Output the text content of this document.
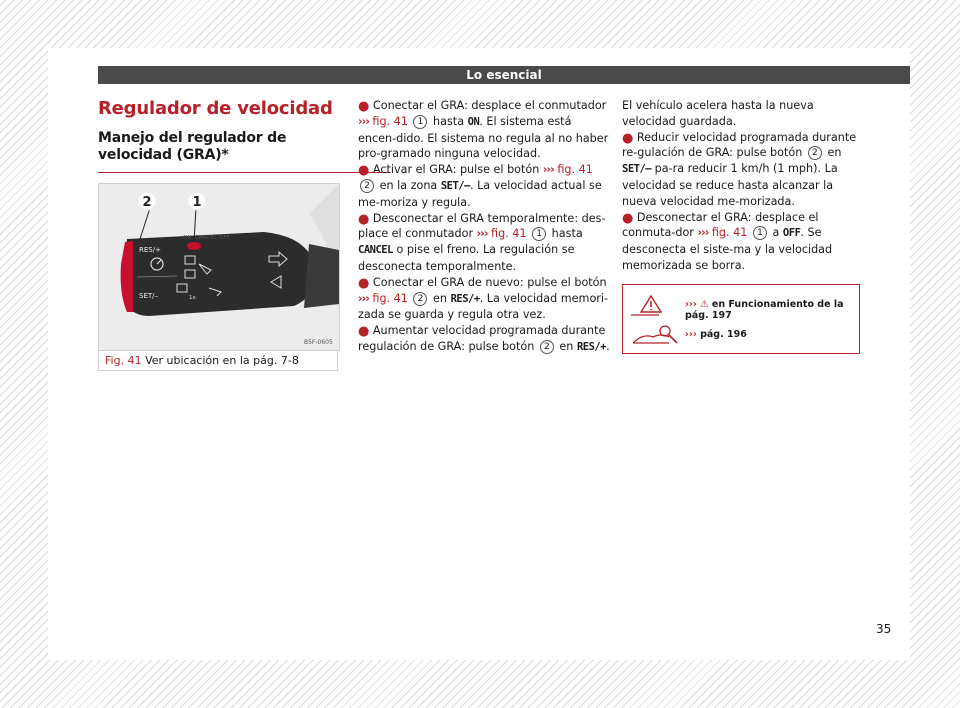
Lo esencial
Regulador de velocidad
Manejo del regulador de velocidad (GRA)*
2	1
RES/+
SET/–
ON CANCEL OFF
1x
B5F-0605
Fig. 41 Ver ubicación en la pág. 7-8

● Conectar el GRA: desplace el conmutador ››› fig. 41 1 hasta ON. El sistema está encen-dido. El sistema no regula al no haber pro-gramado ninguna velocidad.

● Activar el GRA: pulse el botón ››› fig. 41 2 en la zona SET/–. La velocidad actual se me-moriza y regula.

● Desconectar el GRA temporalmente: des-place el conmutador ››› fig. 41 1 hasta CANCEL o pise el freno. La regulación se desconecta temporalmente.

● Conectar el GRA de nuevo: pulse el botón ››› fig. 41 2 en RES/+. La velocidad memori-zada se guarda y regula otra vez.

● Aumentar velocidad programada durante regulación de GRA: pulse botón 2 en RES/+.

El vehículo acelera hasta la nueva velocidad guardada.

● Reducir velocidad programada durante re-gulación de GRA: pulse botón 2 en SET/– pa-ra reducir 1 km/h (1 mph). La velocidad se reduce hasta alcanzar la nueva velocidad me-morizada.

● Desconectar el GRA: desplace el conmuta-dor ››› fig. 41 1 a OFF. Se desconecta el siste-ma y la velocidad memorizada se borra.

››› ⚠ en Funcionamiento de la pág. 197
››› pág. 196
35
